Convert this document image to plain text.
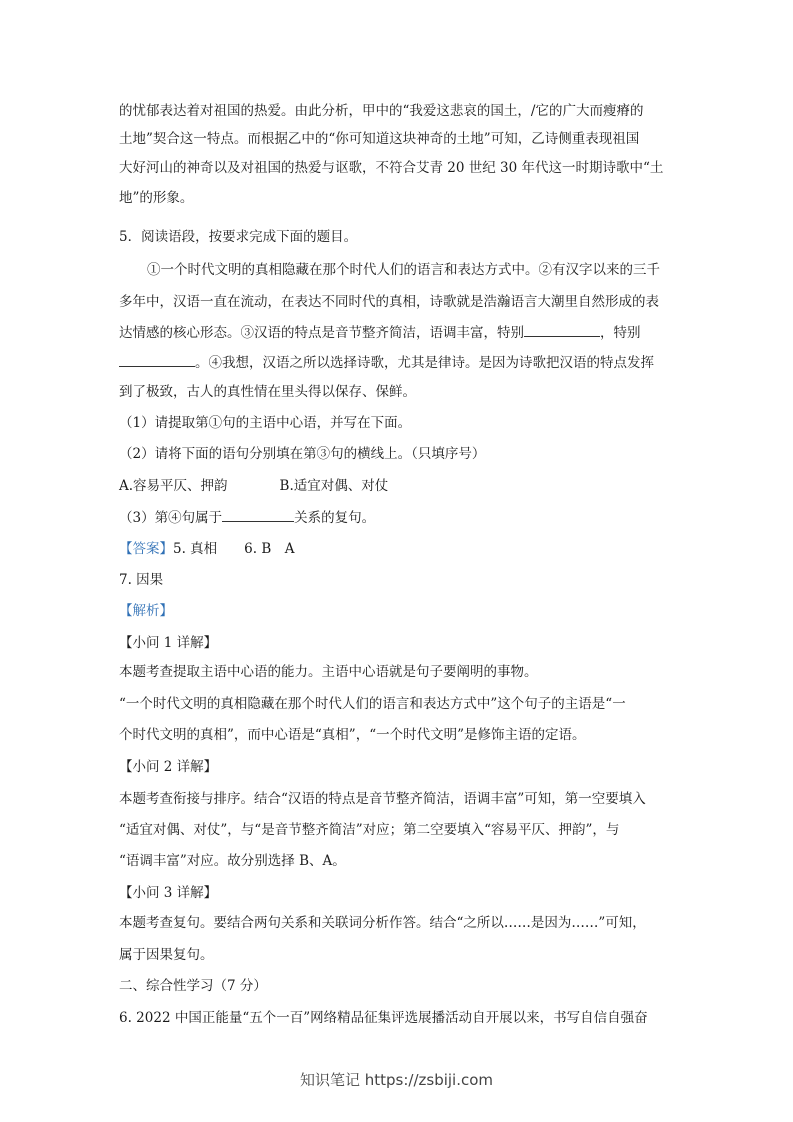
的忧郁表达着对祖国的热爱。由此分析，甲中的“我爱这悲哀的国土，/它的广大而瘦瘠的
土地”契合这一特点。而根据乙中的“你可知道这块神奇的土地”可知，乙诗侧重表现祖国
大好河山的神奇以及对祖国的热爱与讴歌，不符合艾青 20 世纪 30 年代这一时期诗歌中“土
地”的形象。
5．阅读语段，按要求完成下面的题目。
①一个时代文明的真相隐藏在那个时代人们的语言和表达方式中。②有汉字以来的三千
多年中，汉语一直在流动，在表达不同时代的真相，诗歌就是浩瀚语言大潮里自然形成的表
达情感的核心形态。③汉语的特点是音节整齐简洁，语调丰富，特别	，特别
。④我想，汉语之所以选择诗歌，尤其是律诗。是因为诗歌把汉语的特点发挥
到了极致，古人的真性情在里头得以保存、保鲜。
（1）请提取第①句的主语中心语，并写在下面。
（2）请将下面的语句分别填在第③句的横线上。（只填序号）
A.容易平仄、押韵	B.适宜对偶、对仗
（3）第④句属于	关系的复句。
【答案】5. 真相　　6. B　A
7. 因果
【解析】
【小问 1 详解】
本题考查提取主语中心语的能力。主语中心语就是句子要阐明的事物。
“一个时代文明的真相隐藏在那个时代人们的语言和表达方式中”这个句子的主语是“一
个时代文明的真相”，而中心语是“真相”，“一个时代文明”是修饰主语的定语。
【小问 2 详解】
本题考查衔接与排序。结合“汉语的特点是音节整齐简洁，语调丰富”可知，第一空要填入
“适宜对偶、对仗”，与“是音节整齐简洁”对应；第二空要填入“容易平仄、押韵”，与
“语调丰富”对应。故分别选择 B、A。
【小问 3 详解】
本题考查复句。要结合两句关系和关联词分析作答。结合“之所以……是因为……”可知，
属于因果复句。
二、综合性学习（7 分）
6. 2022 中国正能量“五个一百”网络精品征集评选展播活动自开展以来，书写自信自强奋
知识笔记 https://zsbiji.com
